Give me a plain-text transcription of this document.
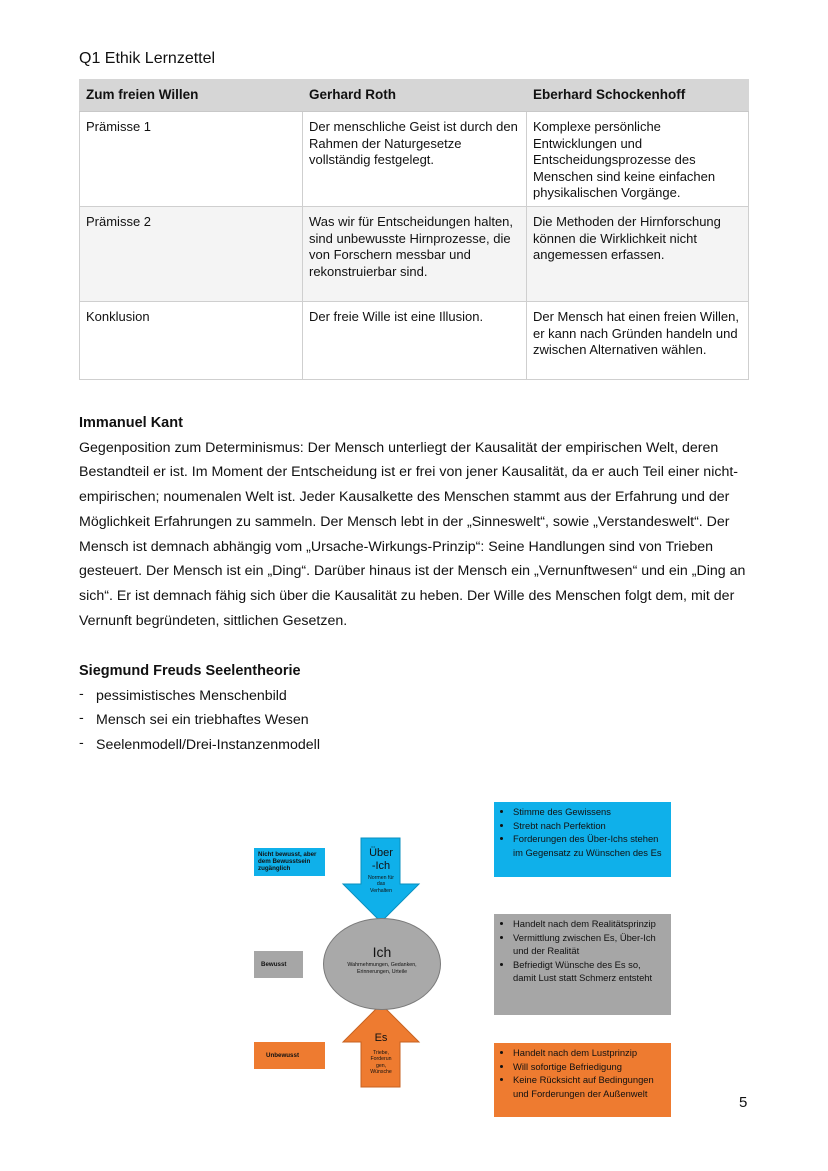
Q1 Ethik Lernzettel
Zum freien Willen	Gerhard Roth	Eberhard Schockenhoff
Prämisse 1	Der menschliche Geist ist durch den Rahmen der Naturgesetze vollständig festgelegt.	Komplexe persönliche Entwicklungen und Entscheidungsprozesse des Menschen sind keine einfachen physikalischen Vorgänge.
Prämisse 2	Was wir für Entscheidungen halten, sind unbewusste Hirnprozesse, die von Forschern messbar und rekonstruierbar sind.	Die Methoden der Hirnforschung können die Wirklichkeit nicht angemessen erfassen.
Konklusion	Der freie Wille ist eine Illusion.	Der Mensch hat einen freien Willen, er kann nach Gründen handeln und zwischen Alternativen wählen.
Immanuel Kant
Gegenposition zum Determinismus: Der Mensch unterliegt der Kausalität der empirischen Welt, deren Bestandteil er ist. Im Moment der Entscheidung ist er frei von jener Kausalität, da er auch Teil einer nicht-empirischen; noumenalen Welt ist. Jeder Kausalkette des Menschen stammt aus der Erfahrung und der Möglichkeit Erfahrungen zu sammeln. Der Mensch lebt in der „Sinneswelt“, sowie „Verstandeswelt“. Der Mensch ist demnach abhängig vom „Ursache-Wirkungs-Prinzip“: Seine Handlungen sind von Trieben gesteuert. Der Mensch ist ein „Ding“. Darüber hinaus ist der Mensch ein „Vernunftwesen“ und ein „Ding an sich“. Er ist demnach fähig sich über die Kausalität zu heben. Der Wille des Menschen folgt dem, mit der Vernunft begründeten, sittlichen Gesetzen.
Siegmund Freuds Seelentheorie
- pessimistisches Menschenbild
- Mensch sei ein triebhaftes Wesen
- Seelenmodell/Drei-Instanzenmodell
Nicht bewusst, aber dem Bewusstsein zugänglich
Bewusst
Unbewusst
Über
-Ich
Normen für das Verhalten
Ich
Wahrnehmungen, Gedanken, Erinnerungen, Urteile
Es
Triebe, Forderun gen, Wünsche
• Stimme des Gewissens
• Strebt nach Perfektion
• Forderungen des Über-Ichs stehen im Gegensatz zu Wünschen des Es
• Handelt nach dem Realitätsprinzip
• Vermittlung zwischen Es, Über-Ich und der Realität
• Befriedigt Wünsche des Es so, damit Lust statt Schmerz entsteht
• Handelt nach dem Lustprinzip
• Will sofortige Befriedigung
• Keine Rücksicht auf Bedingungen und Forderungen der Außenwelt
5
